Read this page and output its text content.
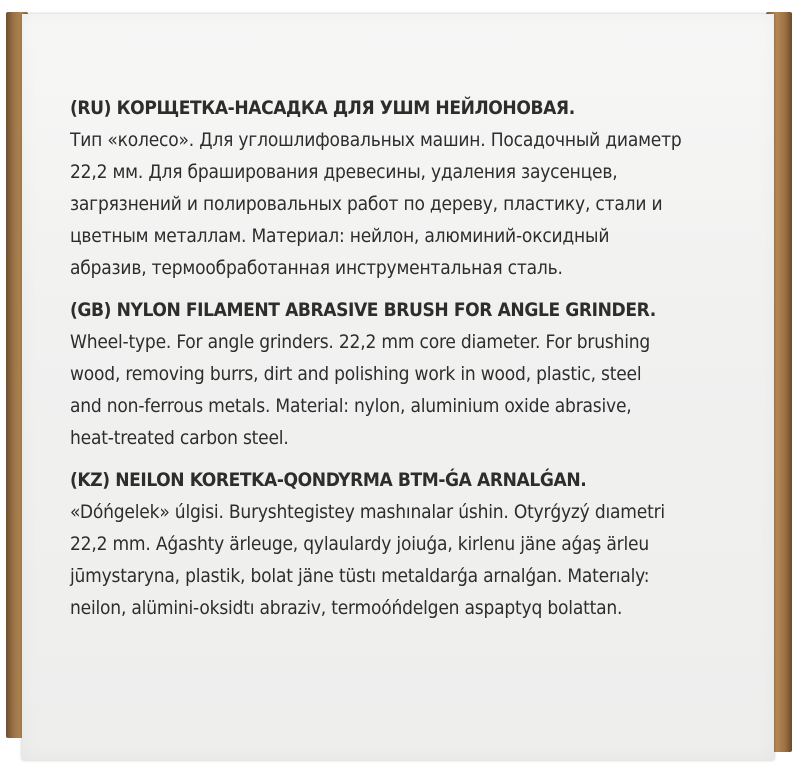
(RU) КОРЩЕТКА-НАСАДКА ДЛЯ УШМ НЕЙЛОНОВАЯ.
Тип «колесо». Для углошлифовальных машин. Посадочный диаметр
22,2 мм. Для браширования древесины, удаления заусенцев,
загрязнений и полировальных работ по дереву, пластику, стали и
цветным металлам. Материал: нейлон, алюминий-оксидный
абразив, термообработанная инструментальная сталь.
(GB) NYLON FILAMENT ABRASIVE BRUSH FOR ANGLE GRINDER.
Wheel-type. For angle grinders. 22,2 mm core diameter. For brushing
wood, removing burrs, dirt and polishing work in wood, plastic, steel
and non-ferrous metals. Material: nylon, aluminium oxide abrasive,
heat-treated carbon steel.
(KZ) NEILON KORETKA-QONDYRMA BTM-ǴA ARNALǴAN.
«Dóńgelek» úlgisi. Buryshtegistey mashınalar úshin. Otyrǵyzý dıametri
22,2 mm. Aǵashty ärleuge, qylaulardy joiuǵa, kirlenu jäne aǵaş ärleu
jūmystaryna, plastik, bolat jäne tüstı metaldarǵa arnalǵan. Materıaly:
neilon, alümini-oksidtı abraziv, termoóńdelgen aspaptyq bolattan.
